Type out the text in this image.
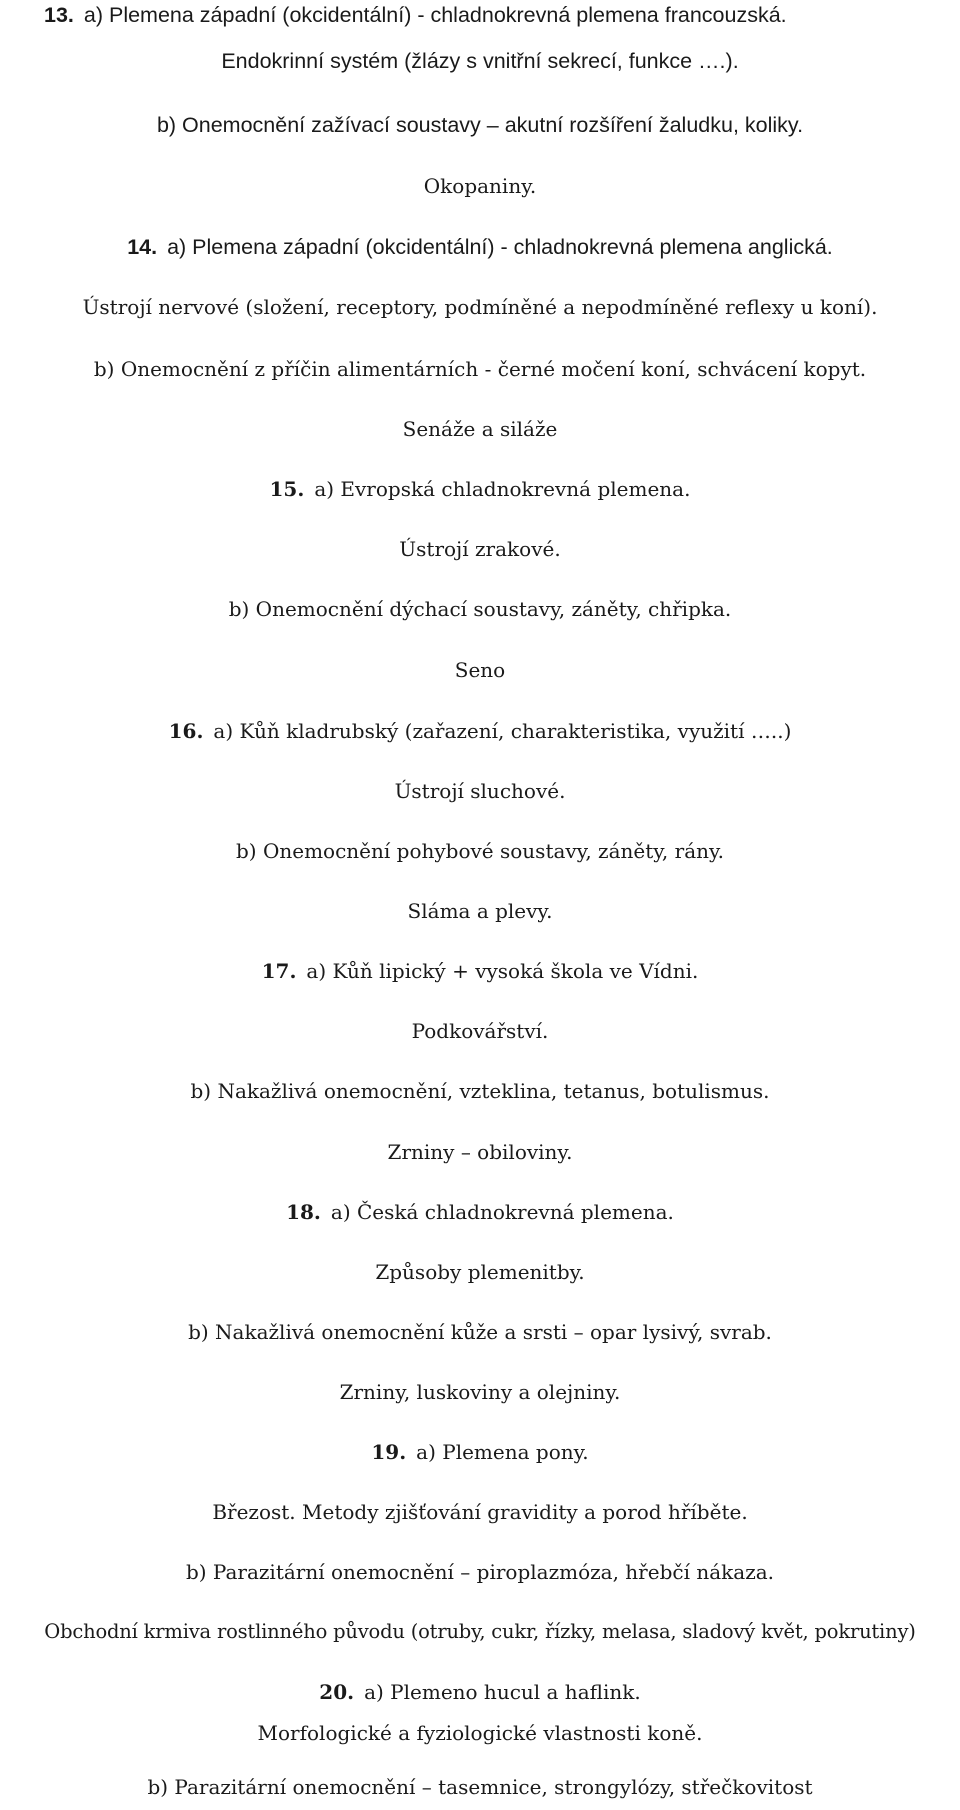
13. a) Plemena západní (okcidentální) - chladnokrevná plemena francouzská.
Endokrinní systém (žlázy s vnitřní sekrecí, funkce ….).
b) Onemocnění zažívací soustavy – akutní rozšíření žaludku, koliky.
Okopaniny.
14. a) Plemena západní (okcidentální) - chladnokrevná plemena anglická.
Ústrojí nervové (složení, receptory, podmíněné a nepodmíněné reflexy u koní).
b) Onemocnění z příčin alimentárních - černé močení koní, schvácení kopyt.
Senáže a siláže
15. a) Evropská chladnokrevná plemena.
Ústrojí zrakové.
b) Onemocnění dýchací soustavy, záněty, chřipka.
Seno
16. a) Kůň kladrubský (zařazení, charakteristika, využití …..)
Ústrojí sluchové.
b) Onemocnění pohybové soustavy, záněty, rány.
Sláma a plevy.
17. a) Kůň lipický + vysoká škola ve Vídni.
Podkovářství.
b) Nakažlivá onemocnění, vzteklina, tetanus, botulismus.
Zrniny – obiloviny.
18. a) Česká chladnokrevná plemena.
Způsoby plemenitby.
b) Nakažlivá onemocnění kůže a srsti – opar lysivý, svrab.
Zrniny, luskoviny a olejniny.
19. a) Plemena pony.
Březost. Metody zjišťování gravidity a porod hříběte.
b) Parazitární onemocnění – piroplazmóza, hřebčí nákaza.
Obchodní krmiva rostlinného původu (otruby, cukr, řízky, melasa, sladový květ, pokrutiny)
20. a) Plemeno hucul a haflink.
Morfologické a fyziologické vlastnosti koně.
b) Parazitární onemocnění – tasemnice, strongylózy, střečkovitost
